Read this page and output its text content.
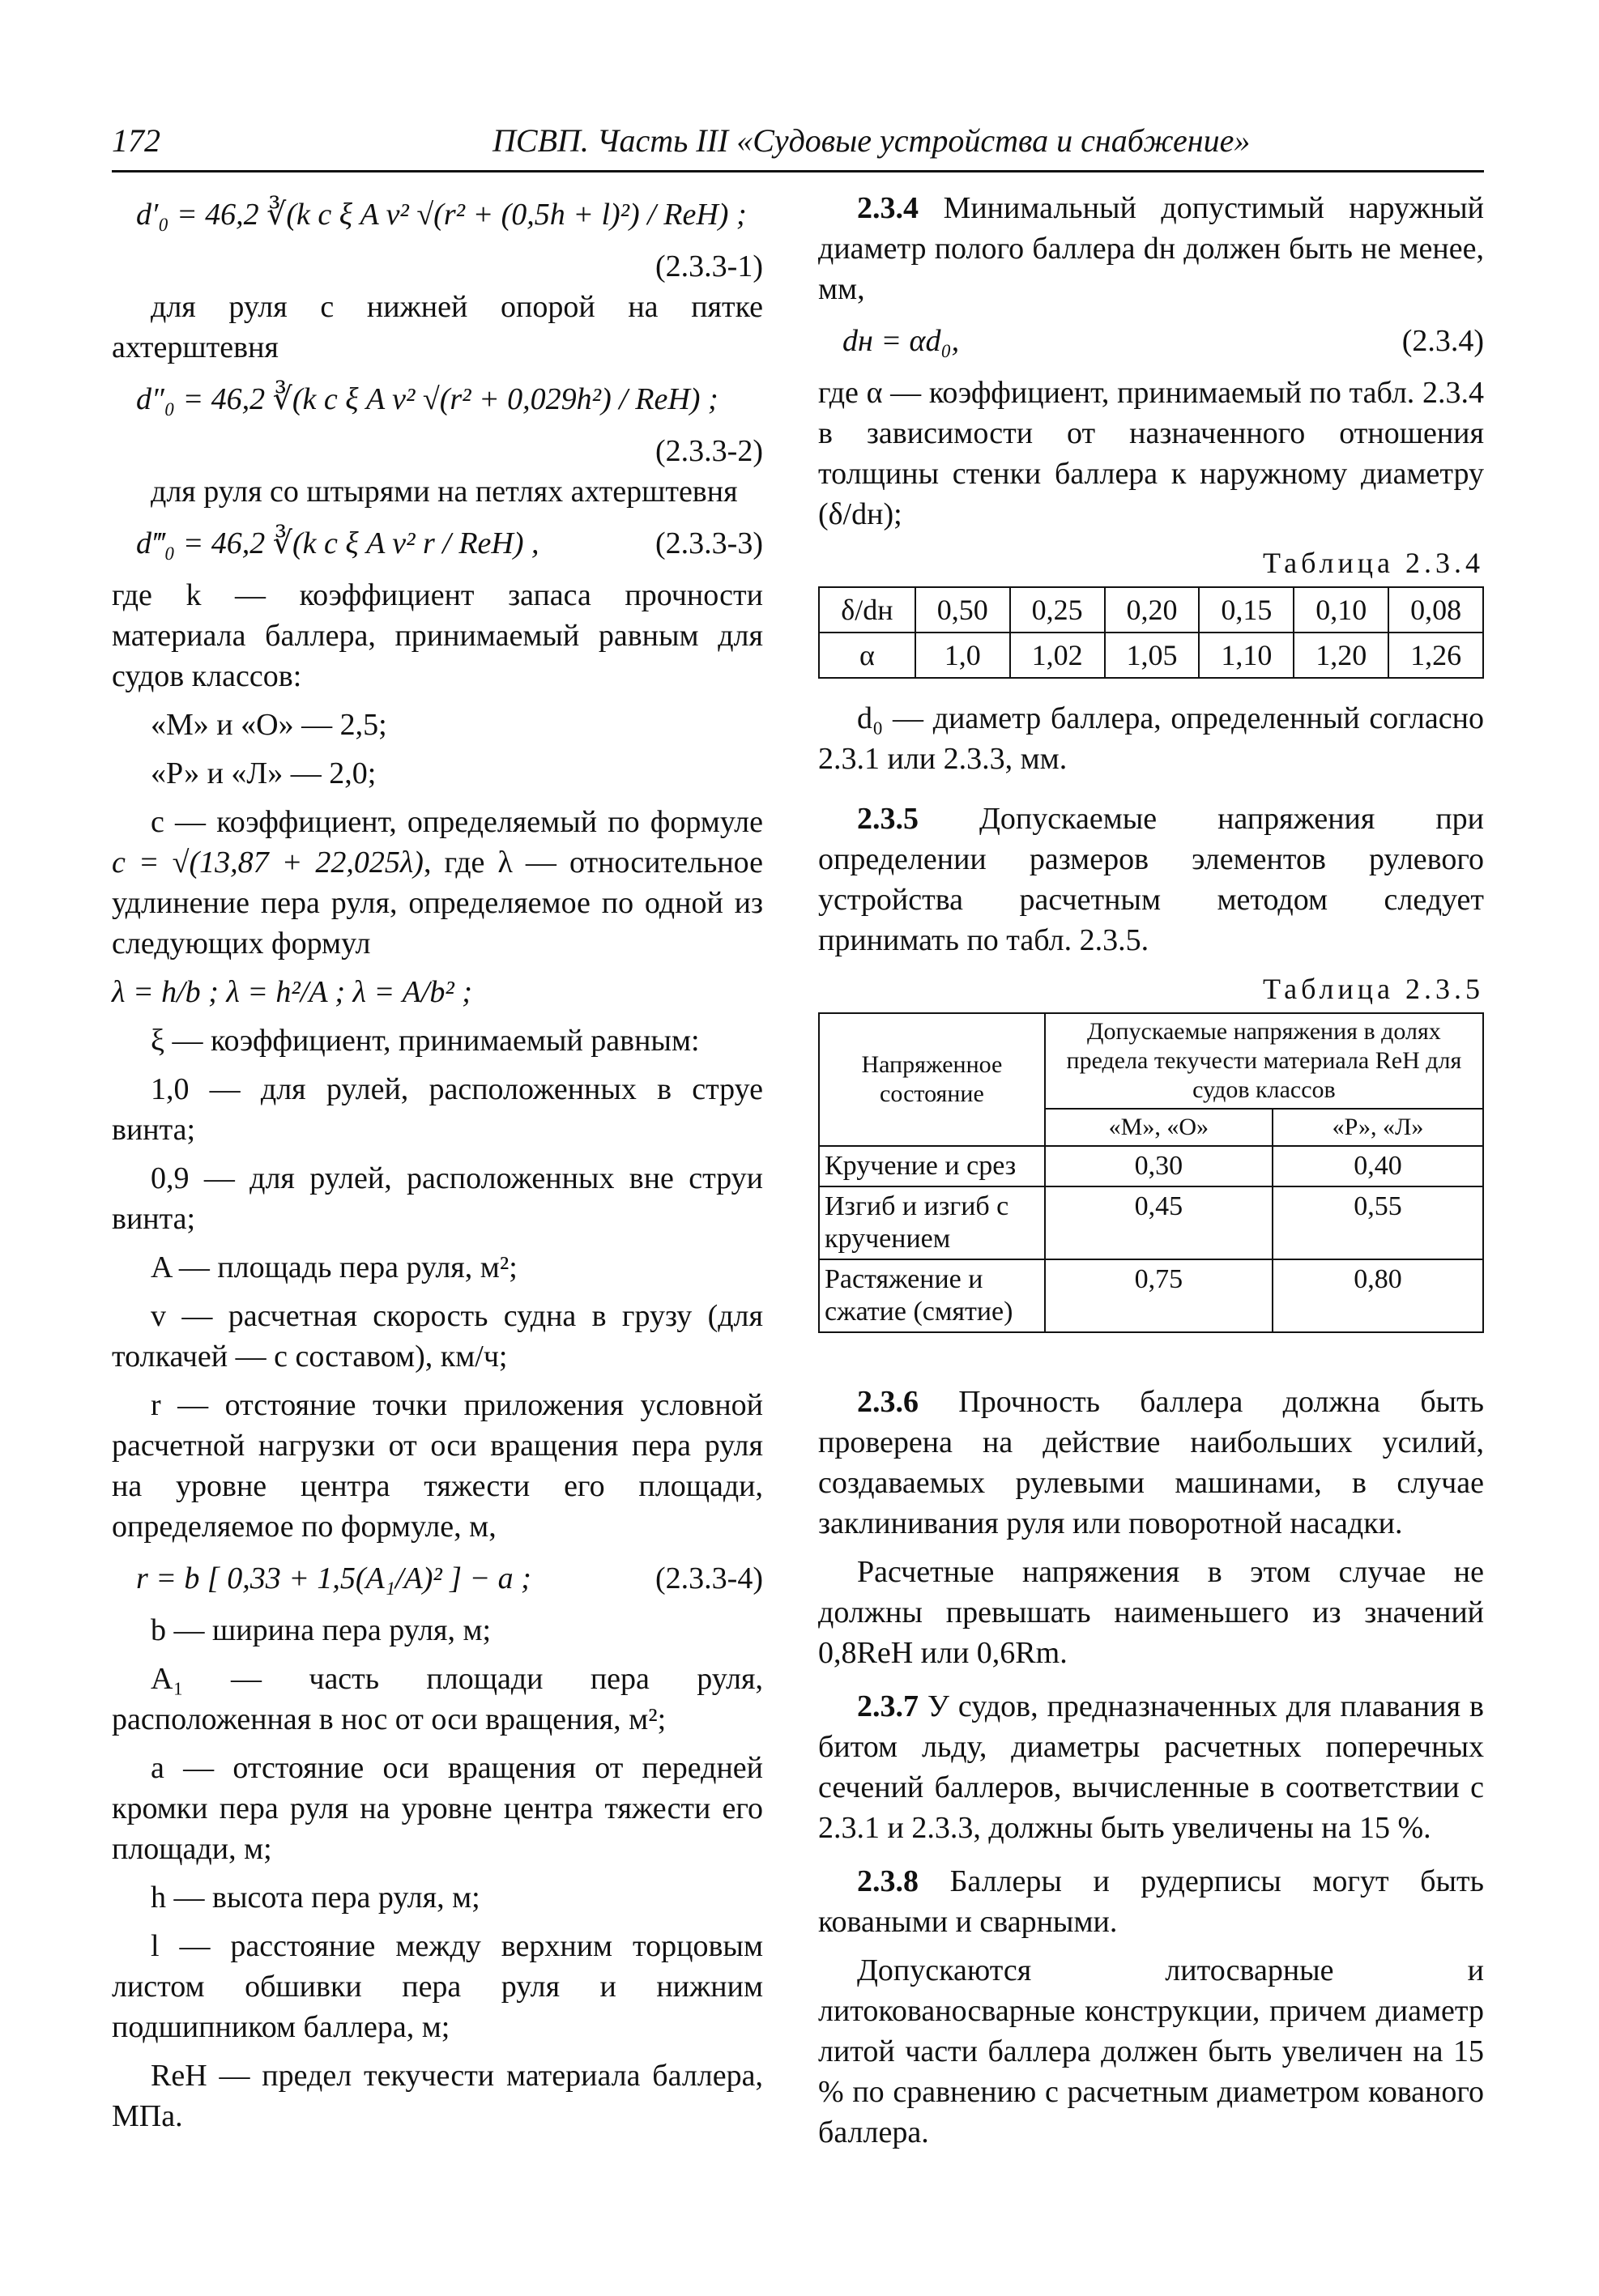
172	ПСВП. Часть III «Судовые устройства и снабжение»
d′₀ = 46,2 ∛(k c ξ A v² √(r² + (0,5h + l)²) / ReH) ;
(2.3.3-1)

для руля с нижней опорой на пятке ахтерштевня

d″₀ = 46,2 ∛(k c ξ A v² √(r² + 0,029h²) / ReH) ;
(2.3.3-2)

для руля со штырями на петлях ахтерштевня

d‴₀ = 46,2 ∛(k c ξ A v² r / ReH) ,	(2.3.3-3)

где k — коэффициент запаса прочности материала баллера, принимаемый равным для судов классов:

«М» и «О» — 2,5;

«Р» и «Л» — 2,0;

c — коэффициент, определяемый по формуле c = √(13,87 + 22,025λ), где λ — относительное удлинение пера руля, определяемое по одной из следующих формул

λ = h/b ; λ = h²/A ; λ = A/b² ;

ξ — коэффициент, принимаемый равным:

1,0 — для рулей, расположенных в струе винта;

0,9 — для рулей, расположенных вне струи винта;

A — площадь пера руля, м²;

v — расчетная скорость судна в грузу (для толкачей — с составом), км/ч;

r — отстояние точки приложения условной расчетной нагрузки от оси вращения пера руля на уровне центра тяжести его площади, определяемое по формуле, м,

r = b [ 0,33 + 1,5(A₁/A)² ] − a ;	(2.3.3-4)

b — ширина пера руля, м;

A₁ — часть площади пера руля, расположенная в нос от оси вращения, м²;

a — отстояние оси вращения от передней кромки пера руля на уровне центра тяжести его площади, м;

h — высота пера руля, м;

l — расстояние между верхним торцовым листом обшивки пера руля и нижним подшипником баллера, м;

ReH — предел текучести материала баллера, МПа.

2.3.4 Минимальный допустимый наружный диаметр полого баллера dн должен быть не менее, мм,

dн = αd₀,	(2.3.4)

где α — коэффициент, принимаемый по табл. 2.3.4 в зависимости от назначенного отношения толщины стенки баллера к наружному диаметру (δ/dн);

Таблица 2.3.4
δ/dн	0,50	0,25	0,20	0,15	0,10	0,08
α	1,0	1,02	1,05	1,10	1,20	1,26

d₀ — диаметр баллера, определенный согласно 2.3.1 или 2.3.3, мм.

2.3.5 Допускаемые напряжения при определении размеров элементов рулевого устройства расчетным методом следует принимать по табл. 2.3.5.

Таблица 2.3.5
Напряженное состояние	Допускаемые напряжения в долях предела текучести материала ReH для судов классов	
	«М», «О»	«Р», «Л»
Кручение и срез	0,30	0,40
Изгиб и изгиб с кручением	0,45	0,55
Растяжение и сжатие (смятие)	0,75	0,80

2.3.6 Прочность баллера должна быть проверена на действие наибольших усилий, создаваемых рулевыми машинами, в случае заклинивания руля или поворотной насадки.

Расчетные напряжения в этом случае не должны превышать наименьшего из значений 0,8ReH или 0,6Rm.

2.3.7 У судов, предназначенных для плавания в битом льду, диаметры расчетных поперечных сечений баллеров, вычисленные в соответствии с 2.3.1 и 2.3.3, должны быть увеличены на 15 %.

2.3.8 Баллеры и рудерписы могут быть коваными и сварными.

Допускаются литосварные и литокованосварные конструкции, причем диаметр литой части баллера должен быть увеличен на 15 % по сравнению с расчетным диаметром кованого баллера.
